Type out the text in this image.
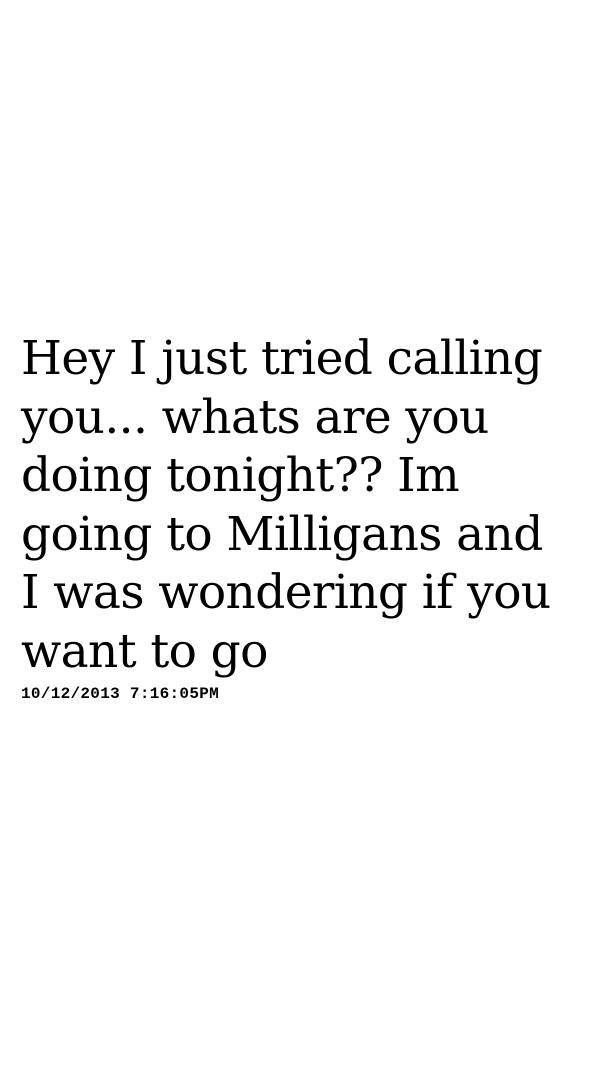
Hey I just tried calling
you... whats are you
doing tonight?? Im
going to Milligans and
I was wondering if you
want to go
10/12/2013 7:16:05PM
